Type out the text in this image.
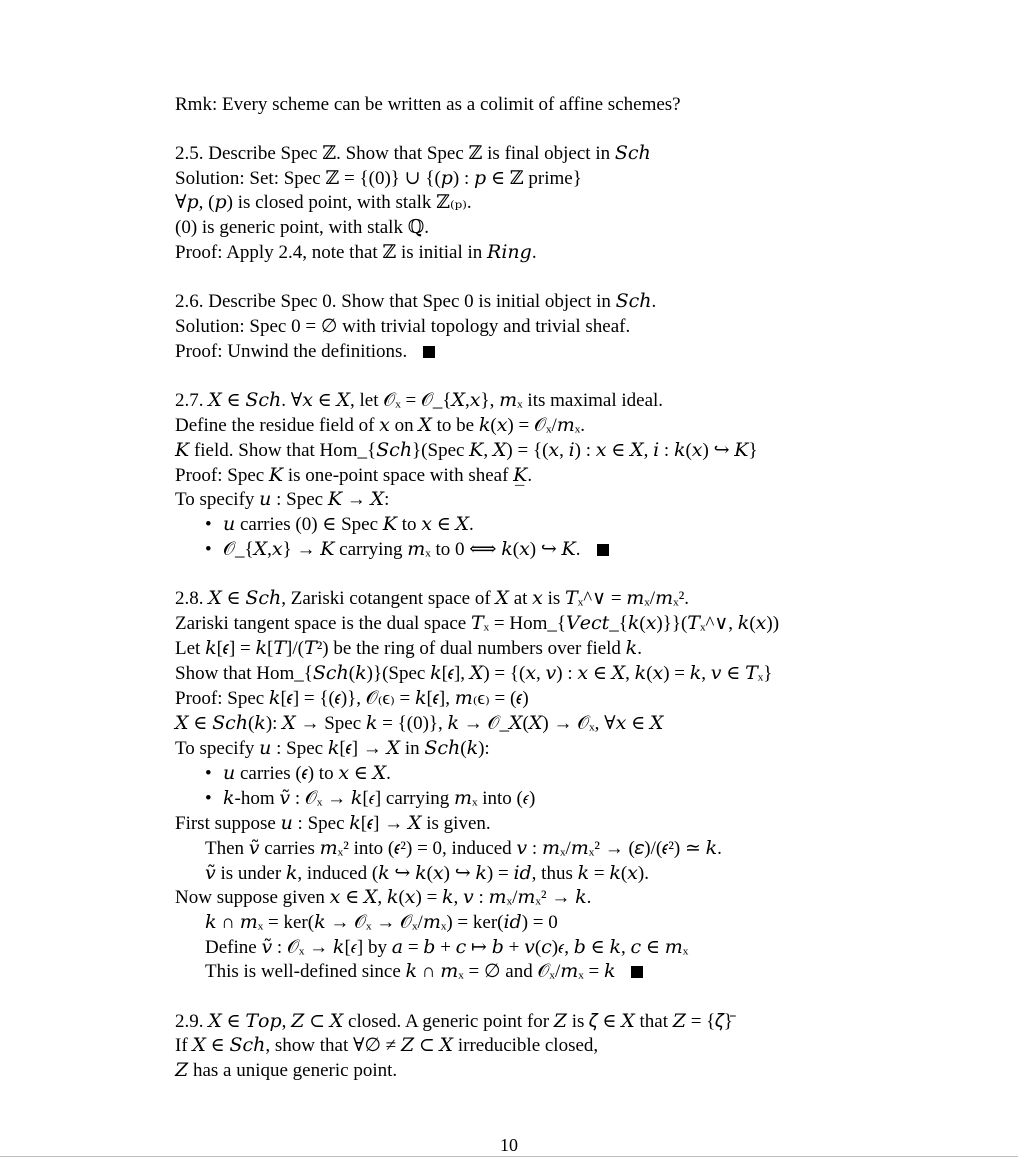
Rmk: Every scheme can be written as a colimit of affine schemes?
2.5. Describe Spec ℤ. Show that Spec ℤ is final object in 𝑆𝑐ℎ
Solution: Set: Spec ℤ = {(0)} ∪ {(𝑝) : 𝑝 ∈ ℤ prime}
∀𝑝, (𝑝) is closed point, with stalk ℤ₍ₚ₎.
(0) is generic point, with stalk ℚ.
Proof: Apply 2.4, note that ℤ is initial in 𝑅𝑖𝑛𝑔.
2.6. Describe Spec 0. Show that Spec 0 is initial object in 𝑆𝑐ℎ.
Solution: Spec 0 = ∅ with trivial topology and trivial sheaf.
Proof: Unwind the definitions.
2.7. 𝑋 ∈ 𝑆𝑐ℎ. ∀𝑥 ∈ 𝑋, let 𝒪ₓ = 𝒪_{𝑋,𝑥}, 𝑚ₓ its maximal ideal.
Define the residue field of 𝑥 on 𝑋 to be 𝑘(𝑥) = 𝒪ₓ/𝑚ₓ.
𝐾 field. Show that Hom_{𝑆𝑐ℎ}(Spec 𝐾, 𝑋) = {(𝑥, 𝑖) : 𝑥 ∈ 𝑋, 𝑖 : 𝑘(𝑥) ↪ 𝐾}
Proof: Spec 𝐾 is one-point space with sheaf 𝐾̲.
To specify 𝑢 : Spec 𝐾 → 𝑋:
• 𝑢 carries (0) ∈ Spec 𝐾 to 𝑥 ∈ 𝑋.
• 𝒪_{𝑋,𝑥} → 𝐾 carrying 𝑚ₓ to 0 ⟺ 𝑘(𝑥) ↪ 𝐾.
2.8. 𝑋 ∈ 𝑆𝑐ℎ, Zariski cotangent space of 𝑋 at 𝑥 is 𝑇ₓ^∨ = 𝑚ₓ/𝑚ₓ².
Zariski tangent space is the dual space 𝑇ₓ = Hom_{𝑉𝑒𝑐𝑡_{𝑘(𝑥)}}(𝑇ₓ^∨, 𝑘(𝑥))
Let 𝑘[𝜖] = 𝑘[𝑇]/(𝑇²) be the ring of dual numbers over field 𝑘.
Show that Hom_{𝑆𝑐ℎ(𝑘)}(Spec 𝑘[𝜖], 𝑋) = {(𝑥, 𝑣) : 𝑥 ∈ 𝑋, 𝑘(𝑥) = 𝑘, 𝑣 ∈ 𝑇ₓ}
Proof: Spec 𝑘[𝜖] = {(𝜖)}, 𝒪₍ϵ₎ = 𝑘[𝜖], 𝑚₍ϵ₎ = (𝜖)
𝑋 ∈ 𝑆𝑐ℎ(𝑘): 𝑋 → Spec 𝑘 = {(0)}, 𝑘 → 𝒪_𝑋(𝑋) → 𝒪ₓ, ∀𝑥 ∈ 𝑋
To specify 𝑢 : Spec 𝑘[𝜖] → 𝑋 in 𝑆𝑐ℎ(𝑘):
• 𝑢 carries (𝜖) to 𝑥 ∈ 𝑋.
• 𝑘-hom 𝑣̃ : 𝒪ₓ → 𝑘[𝜖] carrying 𝑚ₓ into (𝜖)
First suppose 𝑢 : Spec 𝑘[𝜖] → 𝑋 is given.
Then 𝑣̃ carries 𝑚ₓ² into (𝜖²) = 0, induced 𝑣 : 𝑚ₓ/𝑚ₓ² → (𝜀)/(𝜖²) ≃ 𝑘.
𝑣̃ is under 𝑘, induced (𝑘 ↪ 𝑘(𝑥) ↪ 𝑘) = 𝑖𝑑, thus 𝑘 = 𝑘(𝑥).
Now suppose given 𝑥 ∈ 𝑋, 𝑘(𝑥) = 𝑘, 𝑣 : 𝑚ₓ/𝑚ₓ² → 𝑘.
𝑘 ∩ 𝑚ₓ = ker(𝑘 → 𝒪ₓ → 𝒪ₓ/𝑚ₓ) = ker(𝑖𝑑) = 0
Define 𝑣̃ : 𝒪ₓ → 𝑘[𝜖] by 𝑎 = 𝑏 + 𝑐 ↦ 𝑏 + 𝑣(𝑐)𝜖, 𝑏 ∈ 𝑘, 𝑐 ∈ 𝑚ₓ
This is well-defined since 𝑘 ∩ 𝑚ₓ = ∅ and 𝒪ₓ/𝑚ₓ = 𝑘
2.9. 𝑋 ∈ 𝑇𝑜𝑝, 𝑍 ⊂ 𝑋 closed. A generic point for 𝑍 is 𝜁 ∈ 𝑋 that 𝑍 = {𝜁}̄
If 𝑋 ∈ 𝑆𝑐ℎ, show that ∀∅ ≠ 𝑍 ⊂ 𝑋 irreducible closed,
𝑍 has a unique generic point.
10
